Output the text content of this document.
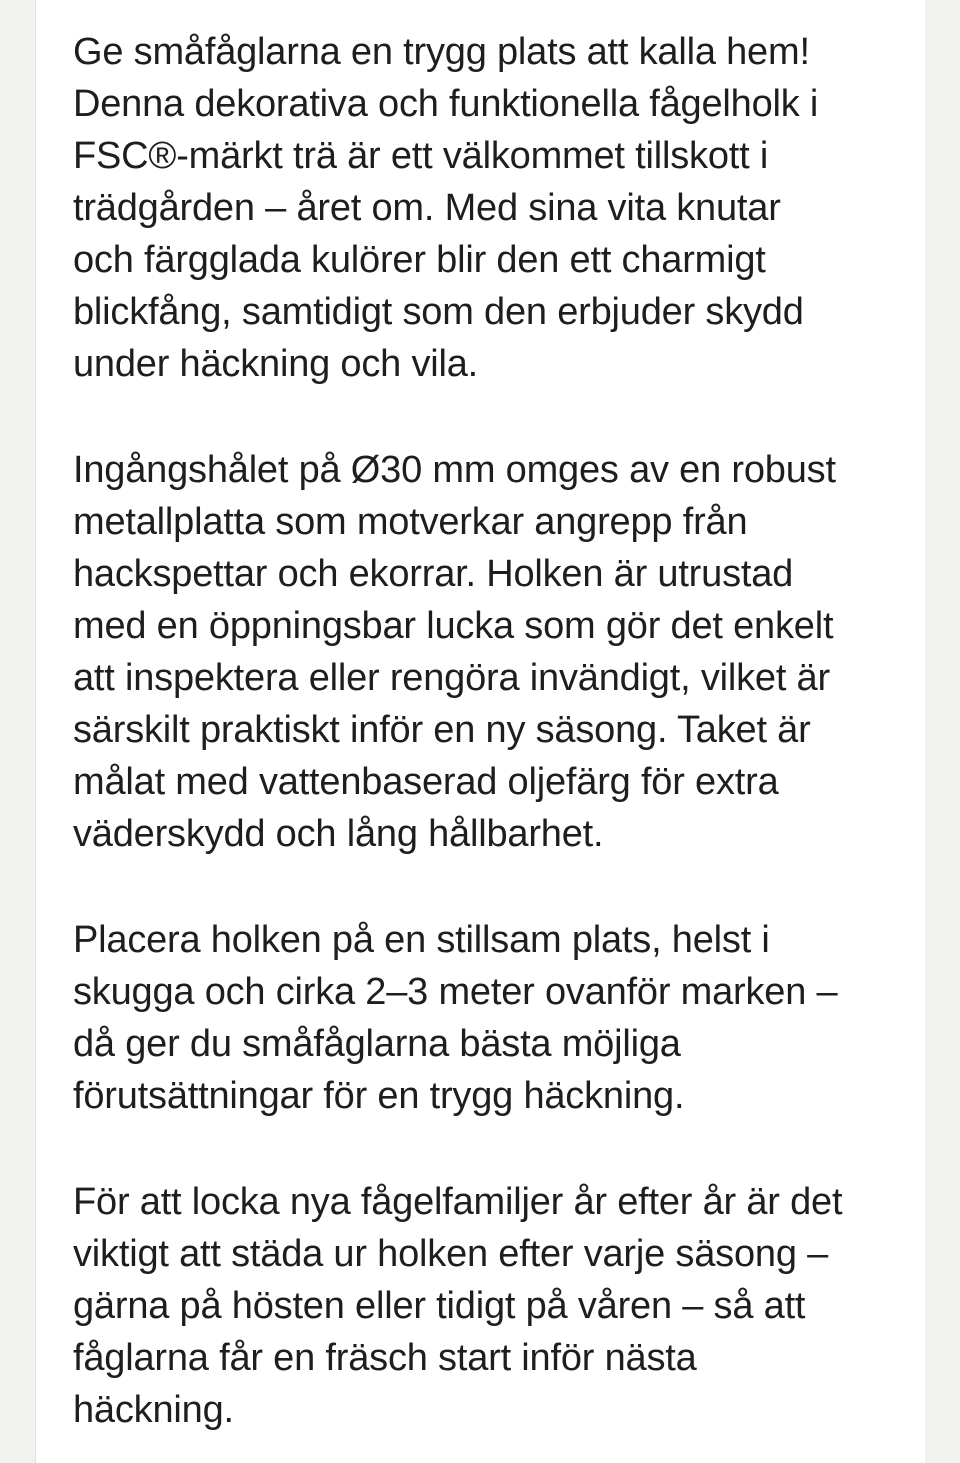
Ge småfåglarna en trygg plats att kalla hem!
Denna dekorativa och funktionella fågelholk i
FSC®-märkt trä är ett välkommet tillskott i
trädgården – året om. Med sina vita knutar
och färgglada kulörer blir den ett charmigt
blickfång, samtidigt som den erbjuder skydd
under häckning och vila.

Ingångshålet på Ø30 mm omges av en robust
metallplatta som motverkar angrepp från
hackspettar och ekorrar. Holken är utrustad
med en öppningsbar lucka som gör det enkelt
att inspektera eller rengöra invändigt, vilket är
särskilt praktiskt inför en ny säsong. Taket är
målat med vattenbaserad oljefärg för extra
väderskydd och lång hållbarhet.

Placera holken på en stillsam plats, helst i
skugga och cirka 2–3 meter ovanför marken –
då ger du småfåglarna bästa möjliga
förutsättningar för en trygg häckning.

För att locka nya fågelfamiljer år efter år är det
viktigt att städa ur holken efter varje säsong –
gärna på hösten eller tidigt på våren – så att
fåglarna får en fräsch start inför nästa
häckning.
